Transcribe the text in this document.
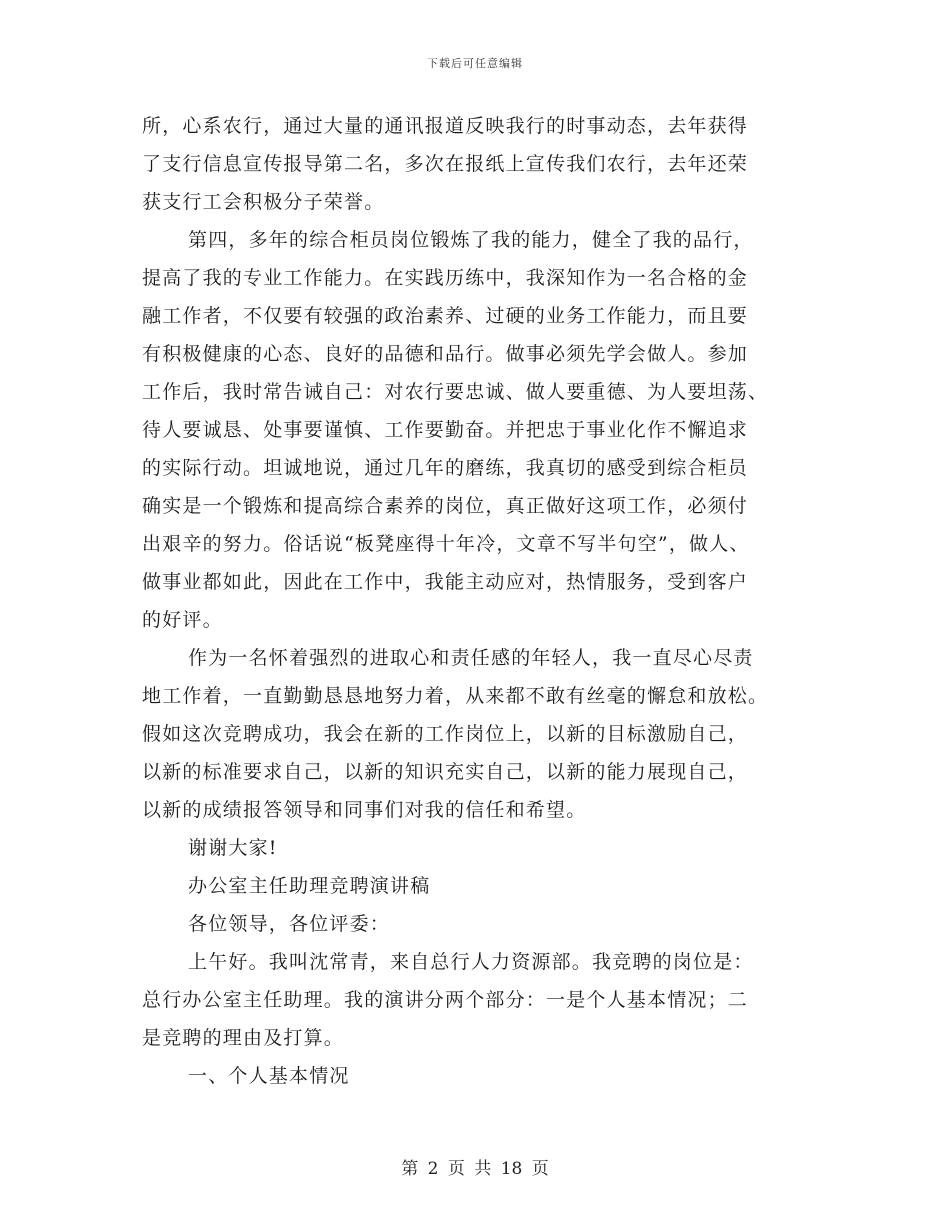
下载后可任意编辑
所，心系农行，通过大量的通讯报道反映我行的时事动态，去年获得
了支行信息宣传报导第二名，多次在报纸上宣传我们农行，去年还荣
获支行工会积极分子荣誉。
第四，多年的综合柜员岗位锻炼了我的能力，健全了我的品行，
提高了我的专业工作能力。在实践历练中，我深知作为一名合格的金
融工作者，不仅要有较强的政治素养、过硬的业务工作能力，而且要
有积极健康的心态、良好的品德和品行。做事必须先学会做人。参加
工作后，我时常告诫自己：对农行要忠诚、做人要重德、为人要坦荡、
待人要诚恳、处事要谨慎、工作要勤奋。并把忠于事业化作不懈追求
的实际行动。坦诚地说，通过几年的磨练，我真切的感受到综合柜员
确实是一个锻炼和提高综合素养的岗位，真正做好这项工作，必须付
出艰辛的努力。俗话说“板凳座得十年冷，文章不写半句空”，做人、
做事业都如此，因此在工作中，我能主动应对，热情服务，受到客户
的好评。
作为一名怀着强烈的进取心和责任感的年轻人，我一直尽心尽责
地工作着，一直勤勤恳恳地努力着，从来都不敢有丝毫的懈怠和放松。
假如这次竞聘成功，我会在新的工作岗位上，以新的目标激励自己，
以新的标准要求自己，以新的知识充实自己，以新的能力展现自己，
以新的成绩报答领导和同事们对我的信任和希望。
谢谢大家!
办公室主任助理竞聘演讲稿
各位领导，各位评委：
上午好。我叫沈常青，来自总行人力资源部。我竞聘的岗位是：
总行办公室主任助理。我的演讲分两个部分：一是个人基本情况；二
是竞聘的理由及打算。
一、个人基本情况
第 2 页 共 18 页
